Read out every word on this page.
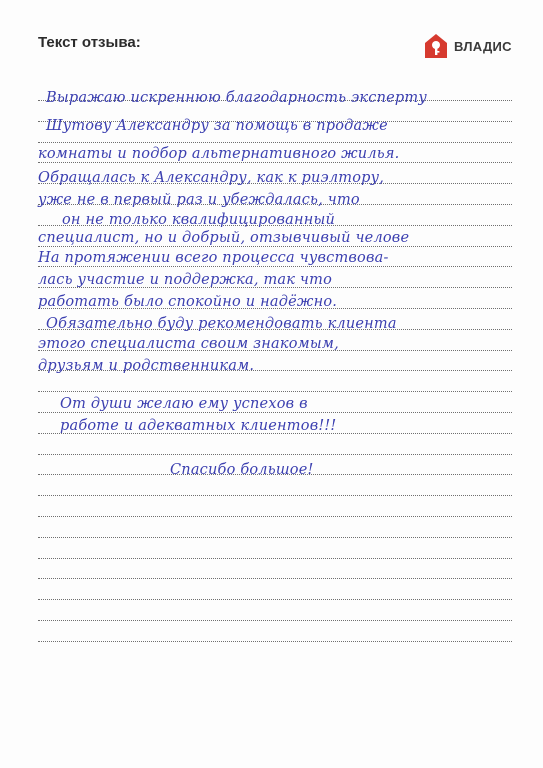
Текст отзыва:	ВЛАДИС
Выражаю искреннюю благодарность эксперту
Шутову Александру за помощь в продаже
комнаты и подбор альтернативного жилья.
Обращалась к Александру, как к риэлтору,
уже не в первый раз и убеждалась, что
он не только квалифицированный
специалист, но и добрый, отзывчивый челове
На протяжении всего процесса чувствова-
лась участие и поддержка, так что
работать было спокойно и надёжно.
Обязательно буду рекомендовать клиента
этого специалиста своим знакомым,
друзьям и родственникам.
От души желаю ему успехов в
работе и адекватных клиентов!!!
Спасибо большое!
